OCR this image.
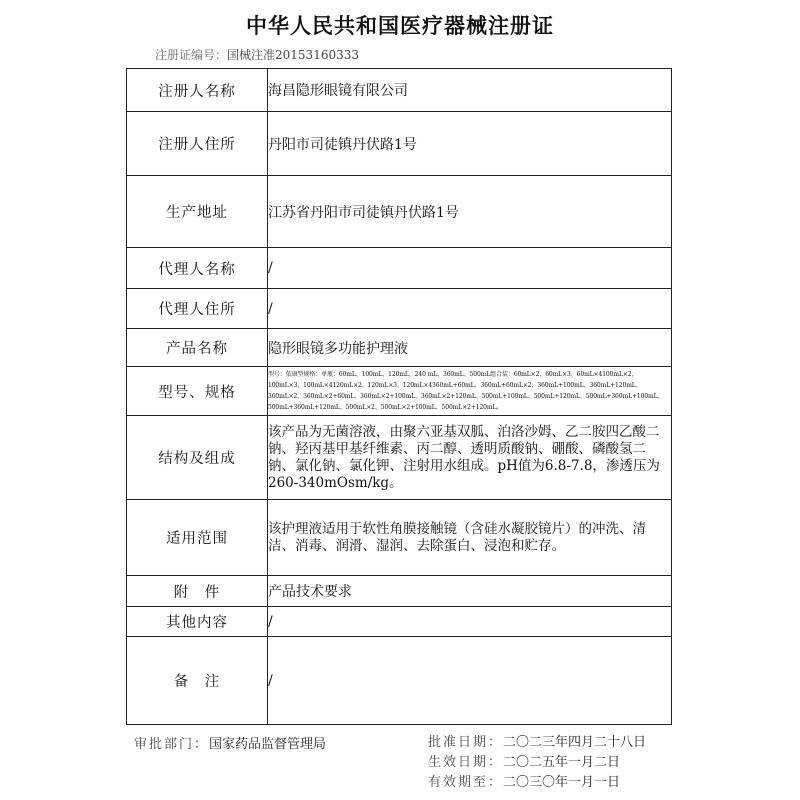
中华人民共和国医疗器械注册证
注册证编号：国械注准20153160333
注册人名称	海昌隐形眼镜有限公司
注册人住所	丹阳市司徒镇丹伏路1号
生产地址	江苏省丹阳市司徒镇丹伏路1号
代理人名称	/
代理人住所	/
产品名称	隐形眼镜多功能护理液
型号、规格	型号：依康型规格：单瓶：60mL、100mL、120mL、240 mL、360mL、500mL组合装：60mL×2、60mL×3、60mL×4100mL×2、100mL×3、100mL×4120mL×2、120mL×3、120mL×4360mL+60mL、360mL+60mL×2、360mL+100mL、360mL+120mL、360mL×2、360mL×2+60mL、360mL×2+100mL、360mL×2+120mL、500mL+100mL、500mL+120mL、500mL+360mL+100mL、500mL+360mL+120mL、500mL×2、500mL×2+100mL、500mL×2+120mL。
结构及组成	该产品为无菌溶液，由聚六亚基双胍、泊洛沙姆、乙二胺四乙酸二钠、羟丙基甲基纤维素、丙二醇、透明质酸钠、硼酸、磷酸氢二钠、氯化钠、氯化钾、注射用水组成。pH值为6.8-7.8，渗透压为260-340mOsm/kg。
适用范围	该护理液适用于软性角膜接触镜（含硅水凝胶镜片）的冲洗、清洁、消毒、润滑、湿润、去除蛋白、浸泡和贮存。
附　件	产品技术要求
其他内容	/
备　注	/
审批部门：国家药品监督管理局	批准日期：二〇二三年四月二十八日
生效日期：二〇二五年一月二日
有效期至：二〇三〇年一月一日
